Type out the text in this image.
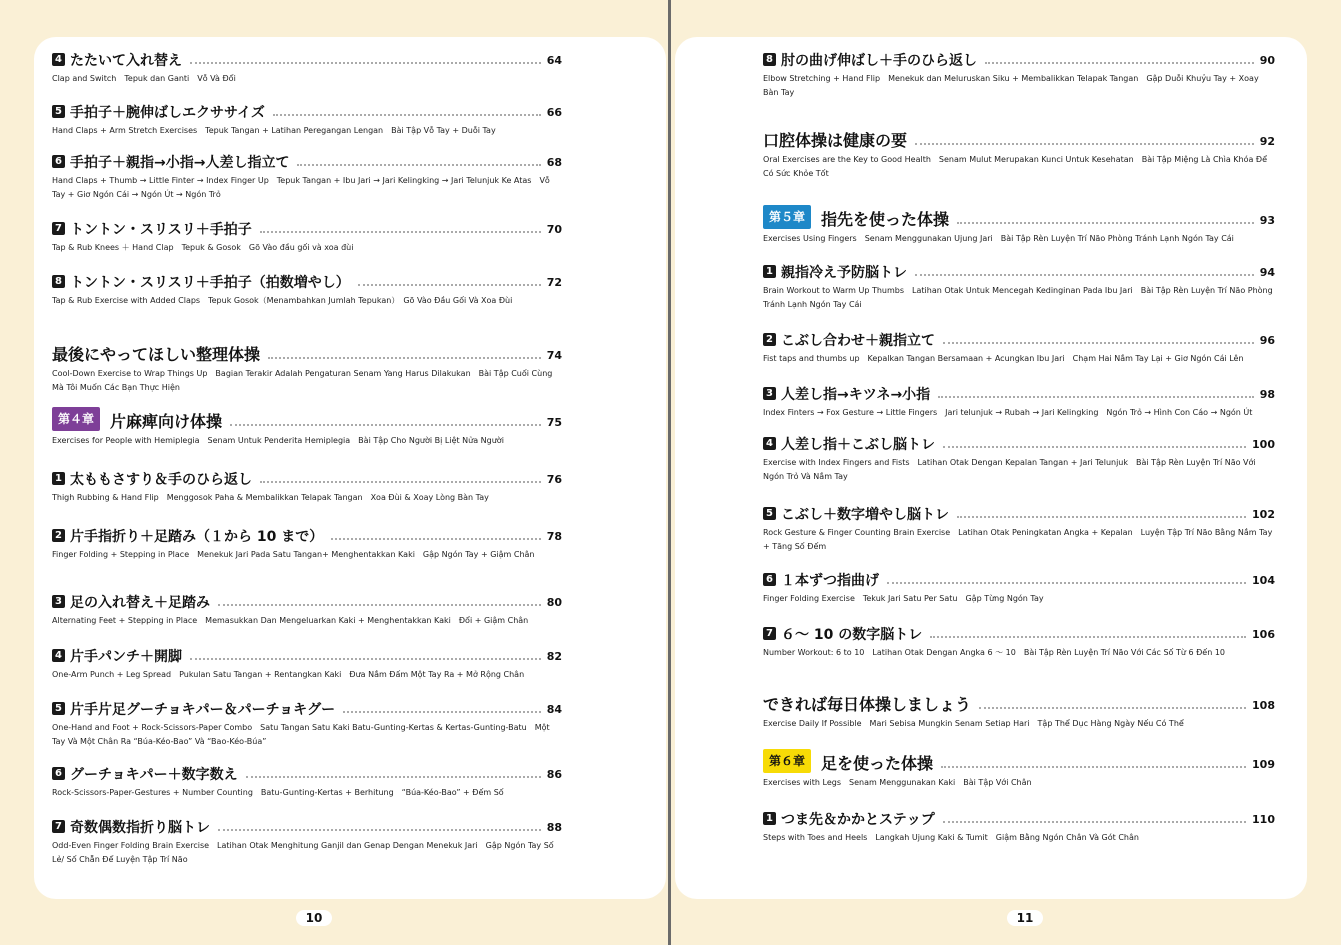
4 たたいて入れ替え	64
Clap and Switch　Tepuk dan Ganti　Vỗ Và Đổi
5 手拍子＋腕伸ばしエクササイズ	66
Hand Claps + Arm Stretch Exercises　Tepuk Tangan + Latihan Peregangan Lengan　Bài Tập Vỗ Tay + Duỗi Tay
6 手拍子＋親指→小指→人差し指立て	68
Hand Claps + Thumb → Little Finter → Index Finger Up　Tepuk Tangan + Ibu Jari → Jari Kelingking → Jari Telunjuk Ke Atas　Vỗ Tay + Giơ Ngón Cái → Ngón Út → Ngón Trỏ
7 トントン・スリスリ＋手拍子	70
Tap & Rub Knees ＋ Hand Clap　Tepuk & Gosok　Gõ Vào đầu gối và xoa đùi
8 トントン・スリスリ＋手拍子（拍数増やし）	72
Tap & Rub Exercise with Added Claps　Tepuk Gosok（Menambahkan Jumlah Tepukan）　Gõ Vào Đầu Gối Và Xoa Đùi
最後にやってほしい整理体操	74
Cool-Down Exercise to Wrap Things Up　Bagian Terakir Adalah Pengaturan Senam Yang Harus Dilakukan　Bài Tập Cuối Cùng Mà Tôi Muốn Các Bạn Thực Hiện
第４章	片麻痺向け体操	75
Exercises for People with Hemiplegia　Senam Untuk Penderita Hemiplegia　Bài Tập Cho Người Bị Liệt Nửa Người
1 太ももさすり＆手のひら返し	76
Thigh Rubbing & Hand Flip　Menggosok Paha & Membalikkan Telapak Tangan　Xoa Đùi & Xoay Lòng Bàn Tay
2 片手指折り＋足踏み（１から 10 まで）	78
Finger Folding + Stepping in Place　Menekuk Jari Pada Satu Tangan+ Menghentakkan Kaki　Gập Ngón Tay + Giậm Chân
3 足の入れ替え＋足踏み	80
Alternating Feet + Stepping in Place　Memasukkan Dan Mengeluarkan Kaki + Menghentakkan Kaki　Đổi + Giậm Chân
4 片手パンチ＋開脚	82
One-Arm Punch + Leg Spread　Pukulan Satu Tangan + Rentangkan Kaki　Đưa Nắm Đấm Một Tay Ra + Mở Rộng Chân
5 片手片足グーチョキパー＆パーチョキグー	84
One-Hand and Foot + Rock-Scissors-Paper Combo　Satu Tangan Satu Kaki Batu-Gunting-Kertas & Kertas-Gunting-Batu　Một Tay Và Một Chân Ra “Búa-Kéo-Bao” Và “Bao-Kéo-Búa”
6 グーチョキパー＋数字数え	86
Rock-Scissors-Paper-Gestures + Number Counting　Batu-Gunting-Kertas + Berhitung　“Búa-Kéo-Bao” + Đếm Số
7 奇数偶数指折り脳トレ	88
Odd-Even Finger Folding Brain Exercise　Latihan Otak Menghitung Ganjil dan Genap Dengan Menekuk Jari　Gập Ngón Tay Số Lẻ/ Số Chẵn Để Luyện Tập Trí Não
8 肘の曲げ伸ばし＋手のひら返し	90
Elbow Stretching + Hand Flip　Menekuk dan Meluruskan Siku + Membalikkan Telapak Tangan　Gập Duỗi Khuỷu Tay + Xoay Bàn Tay
口腔体操は健康の要	92
Oral Exercises are the Key to Good Health　Senam Mulut Merupakan Kunci Untuk Kesehatan　Bài Tập Miệng Là Chìa Khóa Để Có Sức Khỏe Tốt
第５章	指先を使った体操	93
Exercises Using Fingers　Senam Menggunakan Ujung Jari　Bài Tập Rèn Luyện Trí Não Phòng Tránh Lạnh Ngón Tay Cái
1 親指冷え予防脳トレ	94
Brain Workout to Warm Up Thumbs　Latihan Otak Untuk Mencegah Kedinginan Pada Ibu Jari　Bài Tập Rèn Luyện Trí Não Phòng Tránh Lạnh Ngón Tay Cái
2 こぶし合わせ＋親指立て	96
Fist taps and thumbs up　Kepalkan Tangan Bersamaan + Acungkan Ibu Jari　Chạm Hai Nắm Tay Lại + Giơ Ngón Cái Lên
3 人差し指→キツネ→小指	98
Index Finters → Fox Gesture → Little Fingers　Jari telunjuk → Rubah → Jari Kelingking　Ngón Trỏ → Hình Con Cáo → Ngón Út
4 人差し指＋こぶし脳トレ	100
Exercise with Index Fingers and Fists　Latihan Otak Dengan Kepalan Tangan + Jari Telunjuk　Bài Tập Rèn Luyện Trí Não Với Ngón Trỏ Và Nắm Tay
5 こぶし＋数字増やし脳トレ	102
Rock Gesture & Finger Counting Brain Exercise　Latihan Otak Peningkatan Angka + Kepalan　Luyện Tập Trí Não Bằng Nắm Tay + Tăng Số Đếm
6 １本ずつ指曲げ	104
Finger Folding Exercise　Tekuk Jari Satu Per Satu　Gập Từng Ngón Tay
7 ６～ 10 の数字脳トレ	106
Number Workout: 6 to 10　Latihan Otak Dengan Angka 6 ～ 10　Bài Tập Rèn Luyện Trí Não Với Các Số Từ 6 Đến 10
できれば毎日体操しましょう	108
Exercise Daily If Possible　Mari Sebisa Mungkin Senam Setiap Hari　Tập Thể Dục Hàng Ngày Nếu Có Thể
第６章	足を使った体操	109
Exercises with Legs　Senam Menggunakan Kaki　Bài Tập Với Chân
1 つま先＆かかとステップ	110
Steps with Toes and Heels　Langkah Ujung Kaki & Tumit　Giậm Bằng Ngón Chân Và Gót Chân
10	11
